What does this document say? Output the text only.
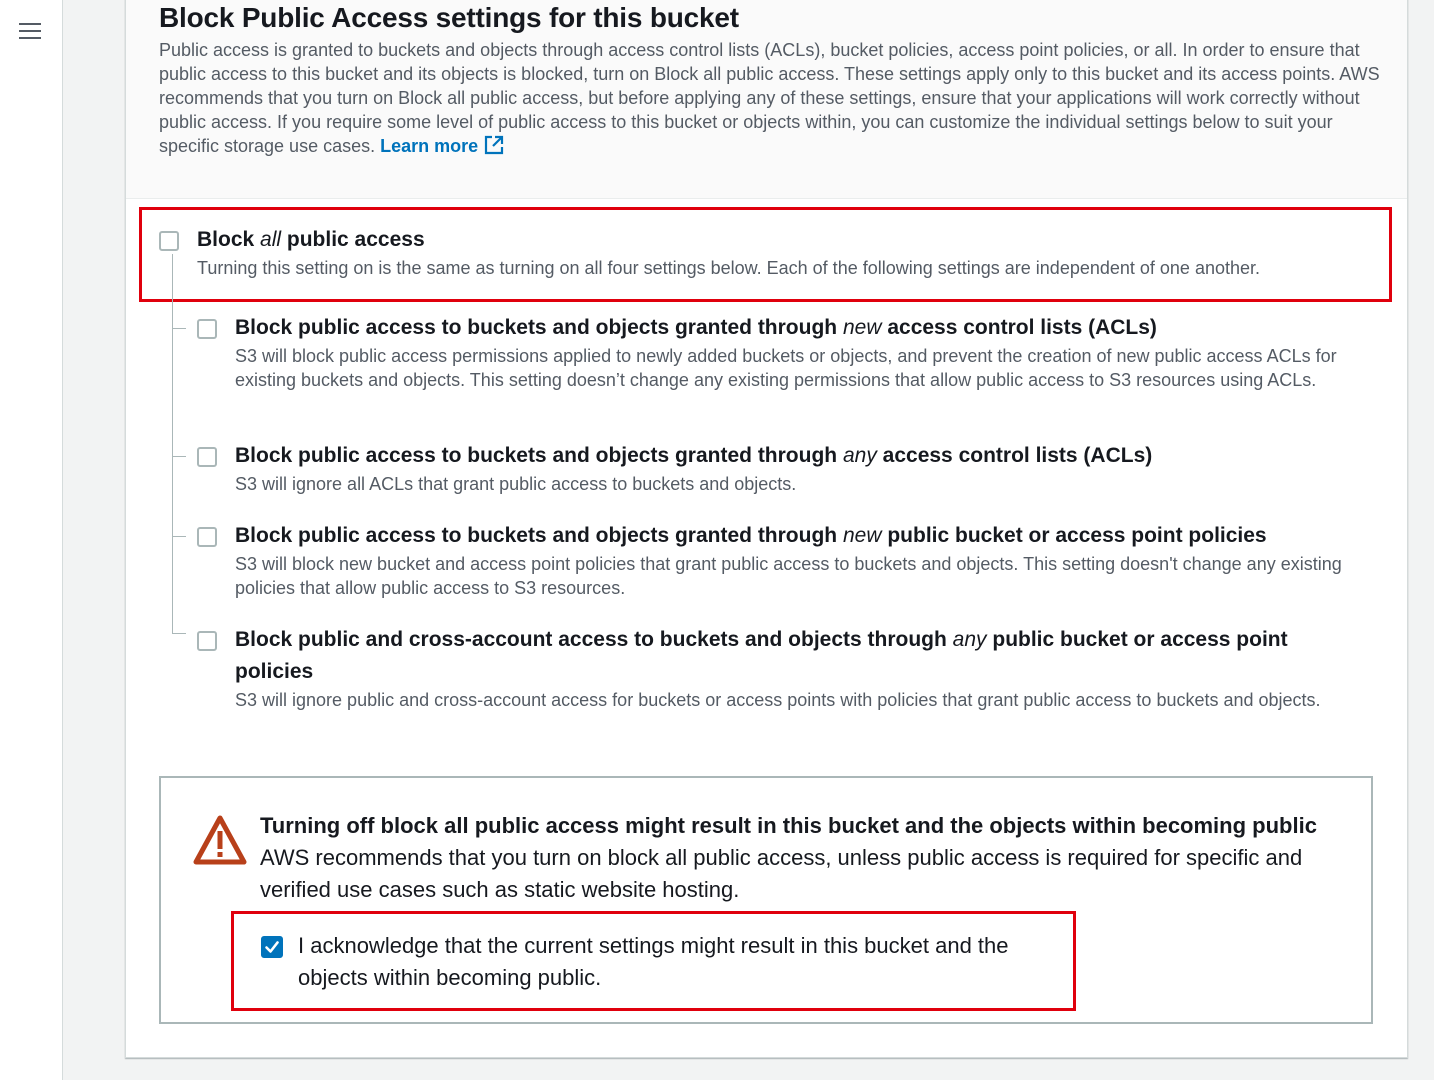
Block Public Access settings for this bucket

Public access is granted to buckets and objects through access control lists (ACLs), bucket policies, access point policies, or all. In order to ensure that public access to this bucket and its objects is blocked, turn on Block all public access. These settings apply only to this bucket and its access points. AWS recommends that you turn on Block all public access, but before applying any of these settings, ensure that your applications will work correctly without public access. If you require some level of public access to this bucket or objects within, you can customize the individual settings below to suit your specific storage use cases. Learn more

Block all public access

Turning this setting on is the same as turning on all four settings below. Each of the following settings are independent of one another.

Block public access to buckets and objects granted through new access control lists (ACLs)

S3 will block public access permissions applied to newly added buckets or objects, and prevent the creation of new public access ACLs for existing buckets and objects. This setting doesn’t change any existing permissions that allow public access to S3 resources using ACLs.

Block public access to buckets and objects granted through any access control lists (ACLs)

S3 will ignore all ACLs that grant public access to buckets and objects.

Block public access to buckets and objects granted through new public bucket or access point policies

S3 will block new bucket and access point policies that grant public access to buckets and objects. This setting doesn't change any existing policies that allow public access to S3 resources.

Block public and cross-account access to buckets and objects through any public bucket or access point policies

S3 will ignore public and cross-account access for buckets or access points with policies that grant public access to buckets and objects.

Turning off block all public access might result in this bucket and the objects within becoming public

AWS recommends that you turn on block all public access, unless public access is required for specific and verified use cases such as static website hosting.

I acknowledge that the current settings might result in this bucket and the objects within becoming public.
